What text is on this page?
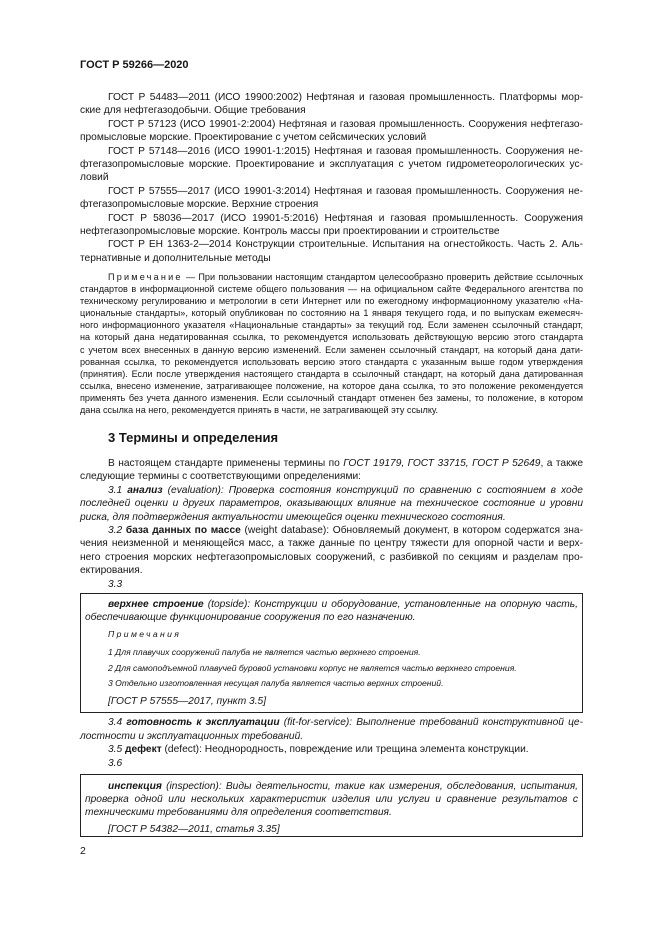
ГОСТ Р 59266—2020
ГОСТ Р 54483—2011 (ИСО 19900:2002) Нефтяная и газовая промышленность. Платформы мор-
ские для нефтегазодобычи. Общие требования
ГОСТ Р 57123 (ИСО 19901-2:2004) Нефтяная и газовая промышленность. Сооружения нефтегазо-
промысловые морские. Проектирование с учетом сейсмических условий
ГОСТ Р 57148—2016 (ИСО 19901-1:2015) Нефтяная и газовая промышленность. Сооружения не-
фтегазопромысловые морские. Проектирование и эксплуатация с учетом гидрометеорологических ус-
ловий
ГОСТ Р 57555—2017 (ИСО 19901-3:2014) Нефтяная и газовая промышленность. Сооружения не-
фтегазопромысловые морские. Верхние строения
ГОСТ Р 58036—2017 (ИСО 19901-5:2016) Нефтяная и газовая промышленность. Сооружения
нефтегазопромысловые морские. Контроль массы при проектировании и строительстве
ГОСТ Р ЕН 1363-2—2014 Конструкции строительные. Испытания на огнестойкость. Часть 2. Аль-
тернативные и дополнительные методы
Примечание — При пользовании настоящим стандартом целесообразно проверить действие ссылочных
стандартов в информационной системе общего пользования — на официальном сайте Федерального агентства по
техническому регулированию и метрологии в сети Интернет или по ежегодному информационному указателю «На-
циональные стандарты», который опубликован по состоянию на 1 января текущего года, и по выпускам ежемесяч-
ного информационного указателя «Национальные стандарты» за текущий год. Если заменен ссылочный стандарт,
на который дана недатированная ссылка, то рекомендуется использовать действующую версию этого стандарта
с учетом всех внесенных в данную версию изменений. Если заменен ссылочный стандарт, на который дана дати-
рованная ссылка, то рекомендуется использовать версию этого стандарта с указанным выше годом утверждения
(принятия). Если после утверждения настоящего стандарта в ссылочный стандарт, на который дана датированная
ссылка, внесено изменение, затрагивающее положение, на которое дана ссылка, то это положение рекомендуется
применять без учета данного изменения. Если ссылочный стандарт отменен без замены, то положение, в котором
дана ссылка на него, рекомендуется принять в части, не затрагивающей эту ссылку.
3 Термины и определения
В настоящем стандарте применены термины по ГОСТ 19179, ГОСТ 33715, ГОСТ Р 52649, а также
следующие термины с соответствующими определениями:
3.1 анализ (evaluation): Проверка состояния конструкций по сравнению с состоянием в ходе
последней оценки и других параметров, оказывающих влияние на техническое состояние и уровни
риска, для подтверждения актуальности имеющейся оценки технического состояния.
3.2 база данных по массе (weight database): Обновляемый документ, в котором содержатся зна-
чения неизменной и меняющейся масс, а также данные по центру тяжести для опорной части и верх-
него строения морских нефтегазопромысловых сооружений, с разбивкой по секциям и разделам про-
ектирования.
3.3
верхнее строение (topside): Конструкции и оборудование, установленные на опорную часть,
обеспечивающие функционирование сооружения по его назначению.
Примечания
1 Для плавучих сооружений палуба не является частью верхнего строения.
2 Для самоподъемной плавучей буровой установки корпус не является частью верхнего строения.
3 Отдельно изготовленная несущая палуба является частью верхних строений.
[ГОСТ Р 57555—2017, пункт 3.5]
3.4 готовность к эксплуатации (fit-for-service): Выполнение требований конструктивной це-
лостности и эксплуатационных требований.
3.5 дефект (defect): Неоднородность, повреждение или трещина элемента конструкции.
3.6
инспекция (inspection): Виды деятельности, такие как измерения, обследования, испытания,
проверка одной или нескольких характеристик изделия или услуги и сравнение результатов с
техническими требованиями для определения соответствия.
[ГОСТ Р 54382—2011, статья 3.35]
2
